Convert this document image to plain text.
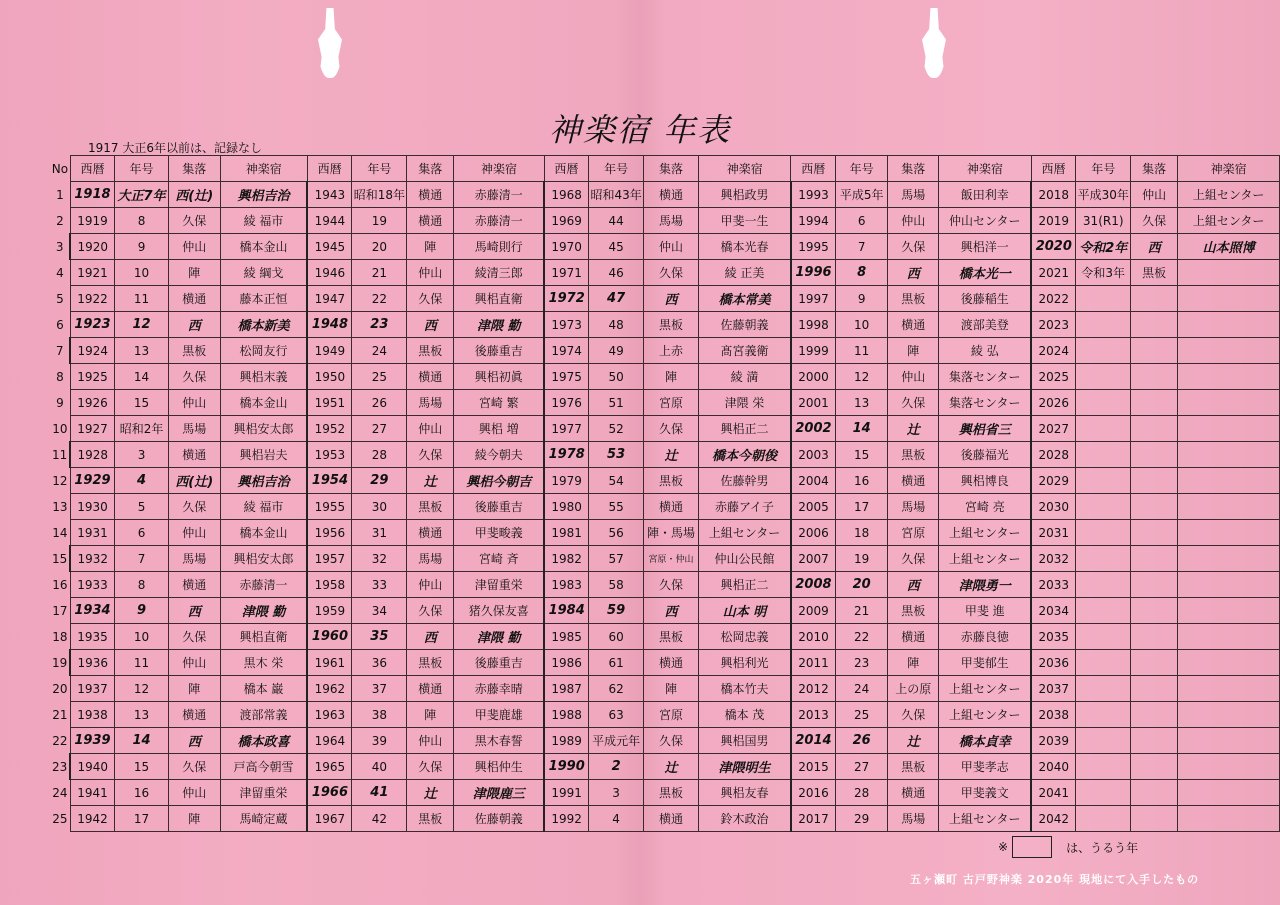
神楽宿 年表
1917 大正6年以前は、記録なし
No	西暦	年号	集落	神楽宿	西暦	年号	集落	神楽宿	西暦	年号	集落	神楽宿	西暦	年号	集落	神楽宿	西暦	年号	集落	神楽宿
1	1918	大正7年	西(辻)	興梠吉治	1943	昭和18年	横通	赤藤清一	1968	昭和43年	横通	興梠政男	1993	平成5年	馬場	飯田利幸	2018	平成30年	仲山	上組センター
2	1919	8	久保	綾 福市	1944	19	横通	赤藤清一	1969	44	馬場	甲斐一生	1994	6	仲山	仲山センター	2019	31(R1)	久保	上組センター
3	1920	9	仲山	橋本金山	1945	20	陣	馬崎則行	1970	45	仲山	橋本光春	1995	7	久保	興梠洋一	2020	令和2年	西	山本照博
4	1921	10	陣	綾 綱戈	1946	21	仲山	綾清三郎	1971	46	久保	綾 正美	1996	8	西	橋本光一	2021	令和3年	黒板	
5	1922	11	横通	藤本正恒	1947	22	久保	興梠直衛	1972	47	西	橋本常美	1997	9	黒板	後藤稲生	2022			
6	1923	12	西	橋本新美	1948	23	西	津隈 勤	1973	48	黒板	佐藤朝義	1998	10	横通	渡部美登	2023			
7	1924	13	黒板	松岡友行	1949	24	黒板	後藤重吉	1974	49	上赤	髙宮義衛	1999	11	陣	綾 弘	2024			
8	1925	14	久保	興梠末義	1950	25	横通	興梠初眞	1975	50	陣	綾 満	2000	12	仲山	集落センター	2025			
9	1926	15	仲山	橋本金山	1951	26	馬場	宮崎 繁	1976	51	宮原	津隈 栄	2001	13	久保	集落センター	2026			
10	1927	昭和2年	馬場	興梠安太郎	1952	27	仲山	興梠 増	1977	52	久保	興梠正二	2002	14	辻	興梠省三	2027			
11	1928	3	横通	興梠岩夫	1953	28	久保	綾今朝夫	1978	53	辻	橋本今朝俊	2003	15	黒板	後藤福光	2028			
12	1929	4	西(辻)	興梠吉治	1954	29	辻	興梠今朝吉	1979	54	黒板	佐藤幹男	2004	16	横通	興梠博良	2029			
13	1930	5	久保	綾 福市	1955	30	黒板	後藤重吉	1980	55	横通	赤藤アイ子	2005	17	馬場	宮崎 亮	2030			
14	1931	6	仲山	橋本金山	1956	31	横通	甲斐畯義	1981	56	陣・馬場	上組センター	2006	18	宮原	上組センター	2031			
15	1932	7	馬場	興梠安太郎	1957	32	馬場	宮崎 斉	1982	57	宮原・仲山	仲山公民館	2007	19	久保	上組センター	2032			
16	1933	8	横通	赤藤清一	1958	33	仲山	津留重栄	1983	58	久保	興梠正二	2008	20	西	津隈勇一	2033			
17	1934	9	西	津隈 勤	1959	34	久保	猪久保友喜	1984	59	西	山本 明	2009	21	黒板	甲斐 進	2034			
18	1935	10	久保	興梠直衛	1960	35	西	津隈 勤	1985	60	黒板	松岡忠義	2010	22	横通	赤藤良徳	2035			
19	1936	11	仲山	黒木 栄	1961	36	黒板	後藤重吉	1986	61	横通	興梠利光	2011	23	陣	甲斐郁生	2036			
20	1937	12	陣	橋本 巌	1962	37	横通	赤藤幸晴	1987	62	陣	橋本竹夫	2012	24	上の原	上組センター	2037			
21	1938	13	横通	渡部常義	1963	38	陣	甲斐鹿雄	1988	63	宮原	橋本 茂	2013	25	久保	上組センター	2038			
22	1939	14	西	橋本政喜	1964	39	仲山	黒木春誓	1989	平成元年	久保	興梠国男	2014	26	辻	橋本貞幸	2039			
23	1940	15	久保	戸高今朝雪	1965	40	久保	興梠仲生	1990	2	辻	津隈明生	2015	27	黒板	甲斐孝志	2040			
24	1941	16	仲山	津留重栄	1966	41	辻	津隈鹿三	1991	3	黒板	興梠友春	2016	28	横通	甲斐義文	2041			
25	1942	17	陣	馬崎定蔵	1967	42	黒板	佐藤朝義	1992	4	横通	鈴木政治	2017	29	馬場	上組センター	2042			
※	は、うるう年
五ヶ瀬町 古戸野神楽 2020年 現地にて入手したもの
